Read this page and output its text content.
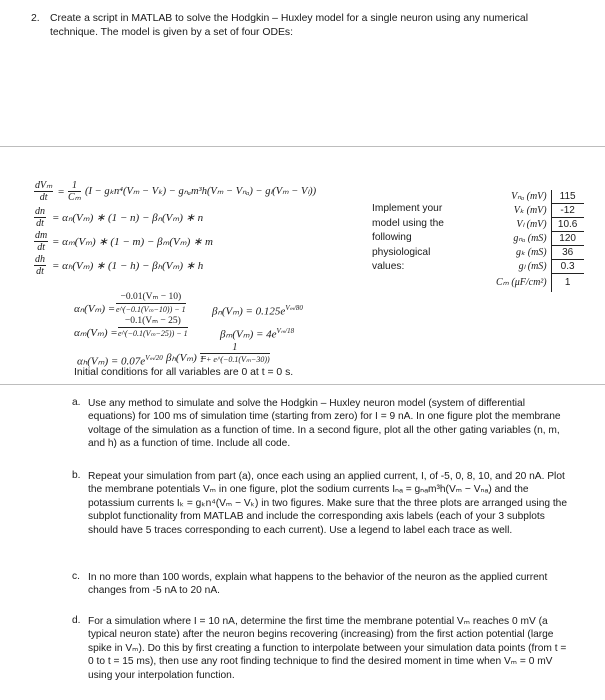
2. Create a script in MATLAB to solve the Hodgkin – Huxley model for a single neuron using any numerical
technique. The model is given by a set of four ODEs:
dVₘ
dt = $\frac{1}{\text{Cₘ}} (I - g_kn^4(V_m - V_k) - g_{na}m^3h(V_m - V_{na}) - g_l(V_m - V_l))$
$\frac{dn}{dt} = \alpha_n(V_m)$ ∗ (1 − n) − βₙ(Vₘ) ∗ n
$\frac{dm}{dt} = \alpha_m(V_m)$ ∗ (1 − m) − βₘ(Vₘ) ∗ m
$\frac{dh}{dt} = \alpha_h(V_m)$ ∗ (1 − h) − βₕ(Vₘ) ∗ h
αₙ(Vₘ) =
−0.01(Vₘ − 10)
e^(−0.1(Vₘ−10)) − 1 $\beta_n(V_m) = 0.125e^{V_m/80}$
αₘ(Vₘ) =
−0.1(Vₘ − 25)
e^(−0.1(Vₘ−25)) − 1	$\beta_m(V_m) = 4e^{V_m/18}$
$\alpha_h(V_m) = 0.07e^{V_m/20}$ βₕ(Vₘ) =
1
1 + e^(−0.1(Vₘ−30))
Initial conditions for all variables are 0 at t = 0 s.
Implement your
model using the
following
physiological
values:
Vₙₐ (mV)	115
Vₖ (mV)	-12
Vₗ (mV)	10.6
gₙₐ (mS)	120
gₖ (mS)	36
gₗ (mS)	0.3
Cₘ (μF/cm²)	1
a. Use any method to simulate and solve the Hodgkin – Huxley neuron model (system of differential equations) for 100 ms of simulation time (starting from zero) for I = 9 nA. In one figure plot the membrane voltage of the simulation as a function of time. In a second figure, plot all the other gating variables (n, m, and h) as a function of time. Include all code.
b. Repeat your simulation from part (a), once each using an applied current, I, of -5, 0, 8, 10, and 20 nA. Plot the membrane potentials Vₘ in one figure, plot the sodium currents Iₙₐ = gₙₐm³h(Vₘ − Vₙₐ) and the potassium currents Iₖ = gₖn⁴(Vₘ − Vₖ) in two figures. Make sure that the three plots are arranged using the subplot functionality from MATLAB and include the corresponding axis labels (each of your 3 subplots should have 5 traces corresponding to each current). Use a legend to label each trace as well.
c. In no more than 100 words, explain what happens to the behavior of the neuron as the applied current changes from -5 nA to 20 nA.
d. For a simulation where I = 10 nA, determine the first time the membrane potential Vₘ reaches 0 mV (a typical neuron state) after the neuron begins recovering (increasing) from the first action potential (large spike in Vₘ). Do this by first creating a function to interpolate between your simulation data points (from t = 0 to t = 15 ms), then use any root finding technique to find the desired moment in time when Vₘ = 0 mV using your interpolation function.
